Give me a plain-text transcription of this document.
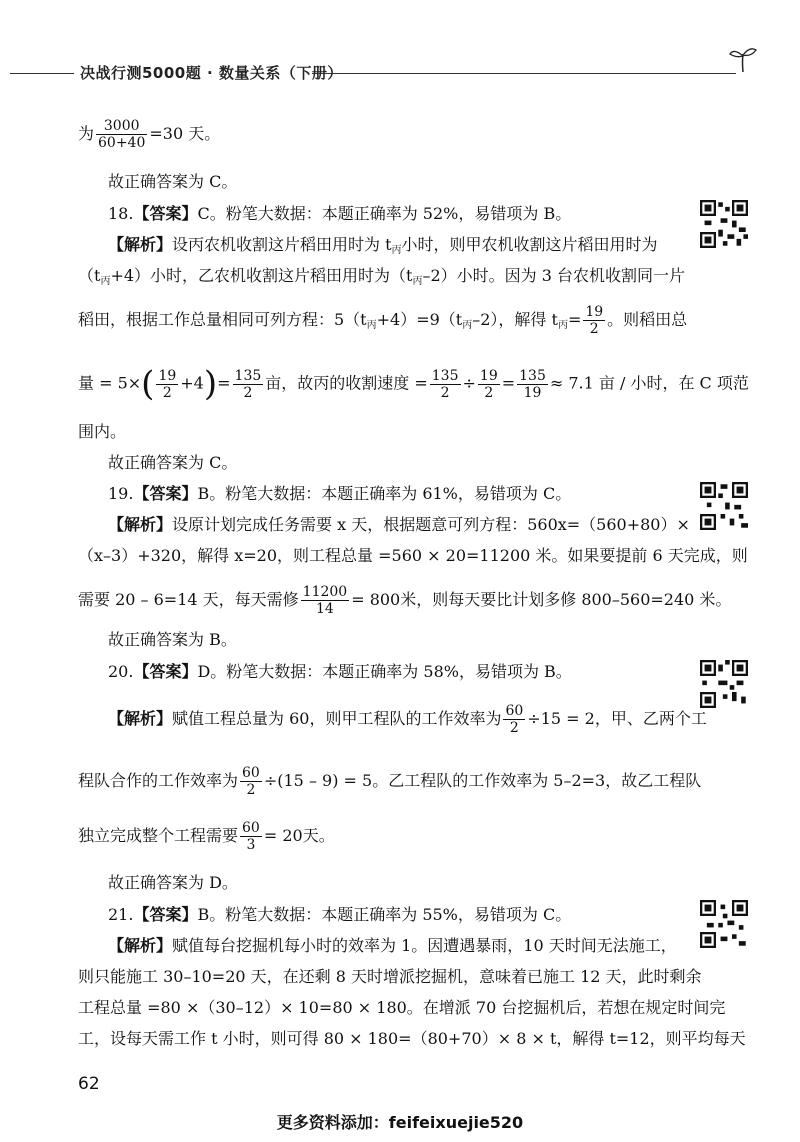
决战行测5000题 · 数量关系（下册）
为 $\frac{3000}{60+40} =30$ 天。
故正确答案为 C。
18.【答案】C。粉笔大数据：本题正确率为 52%，易错项为 B。
【解析】设丙农机收割这片稻田用时为 $t_丙$小时，则甲农机收割这片稻田用时为
$(t_丙+4)$小时，乙农机收割这片稻田用时为$(t_丙-2)$小时。因为 3 台农机收割同一片
稻田，根据工作总量相同可列方程：$5(t_丙+4)=9(t_丙-2)$，解得 $t_丙= \frac{19}{2}$ 。则稻田总
量 = $5\times( \frac{19}{2} +4)= \frac{135}{2}$ 亩，故丙的收割速度 = $\frac{135}{2} \div \frac{19}{2} = \frac{135}{19} \approx 7.1$ 亩 / 小时，在 C 项范
围内。
故正确答案为 C。
19.【答案】B。粉笔大数据：本题正确率为 61%，易错项为 C。
【解析】设原计划完成任务需要 x 天，根据题意可列方程：560x=（560+80）×
（x–3）+320，解得 x=20，则工程总量 =560 × 20=11200 米。如果要提前 6 天完成，则
需要 20 – 6=14 天，每天需修 $\frac{11200}{14} = 800$米，则每天要比计划多修 800–560=240 米。
故正确答案为 B。
20.【答案】D。粉笔大数据：本题正确率为 58%，易错项为 B。
【解析】赋值工程总量为 60，则甲工程队的工作效率为 $\frac{60}{2} \div 15 = 2$，甲、乙两个工
程队合作的工作效率为 $\frac{60}{2} \div(15 - 9) = 5$。乙工程队的工作效率为 5–2=3，故乙工程队
独立完成整个工程需要 $\frac{60}{3} = 20$天。
故正确答案为 D。
21.【答案】B。粉笔大数据：本题正确率为 55%，易错项为 C。
【解析】赋值每台挖掘机每小时的效率为 1。因遭遇暴雨，10 天时间无法施工，
则只能施工 30–10=20 天，在还剩 8 天时增派挖掘机，意味着已施工 12 天，此时剩余
工程总量 =80 ×（30–12）× 10=80 × 180。在增派 70 台挖掘机后，若想在规定时间完
工，设每天需工作 t 小时，则可得 80 × 180=（80+70）× 8 × t，解得 t=12，则平均每天
62
更多资料添加：feifeixuejie520
